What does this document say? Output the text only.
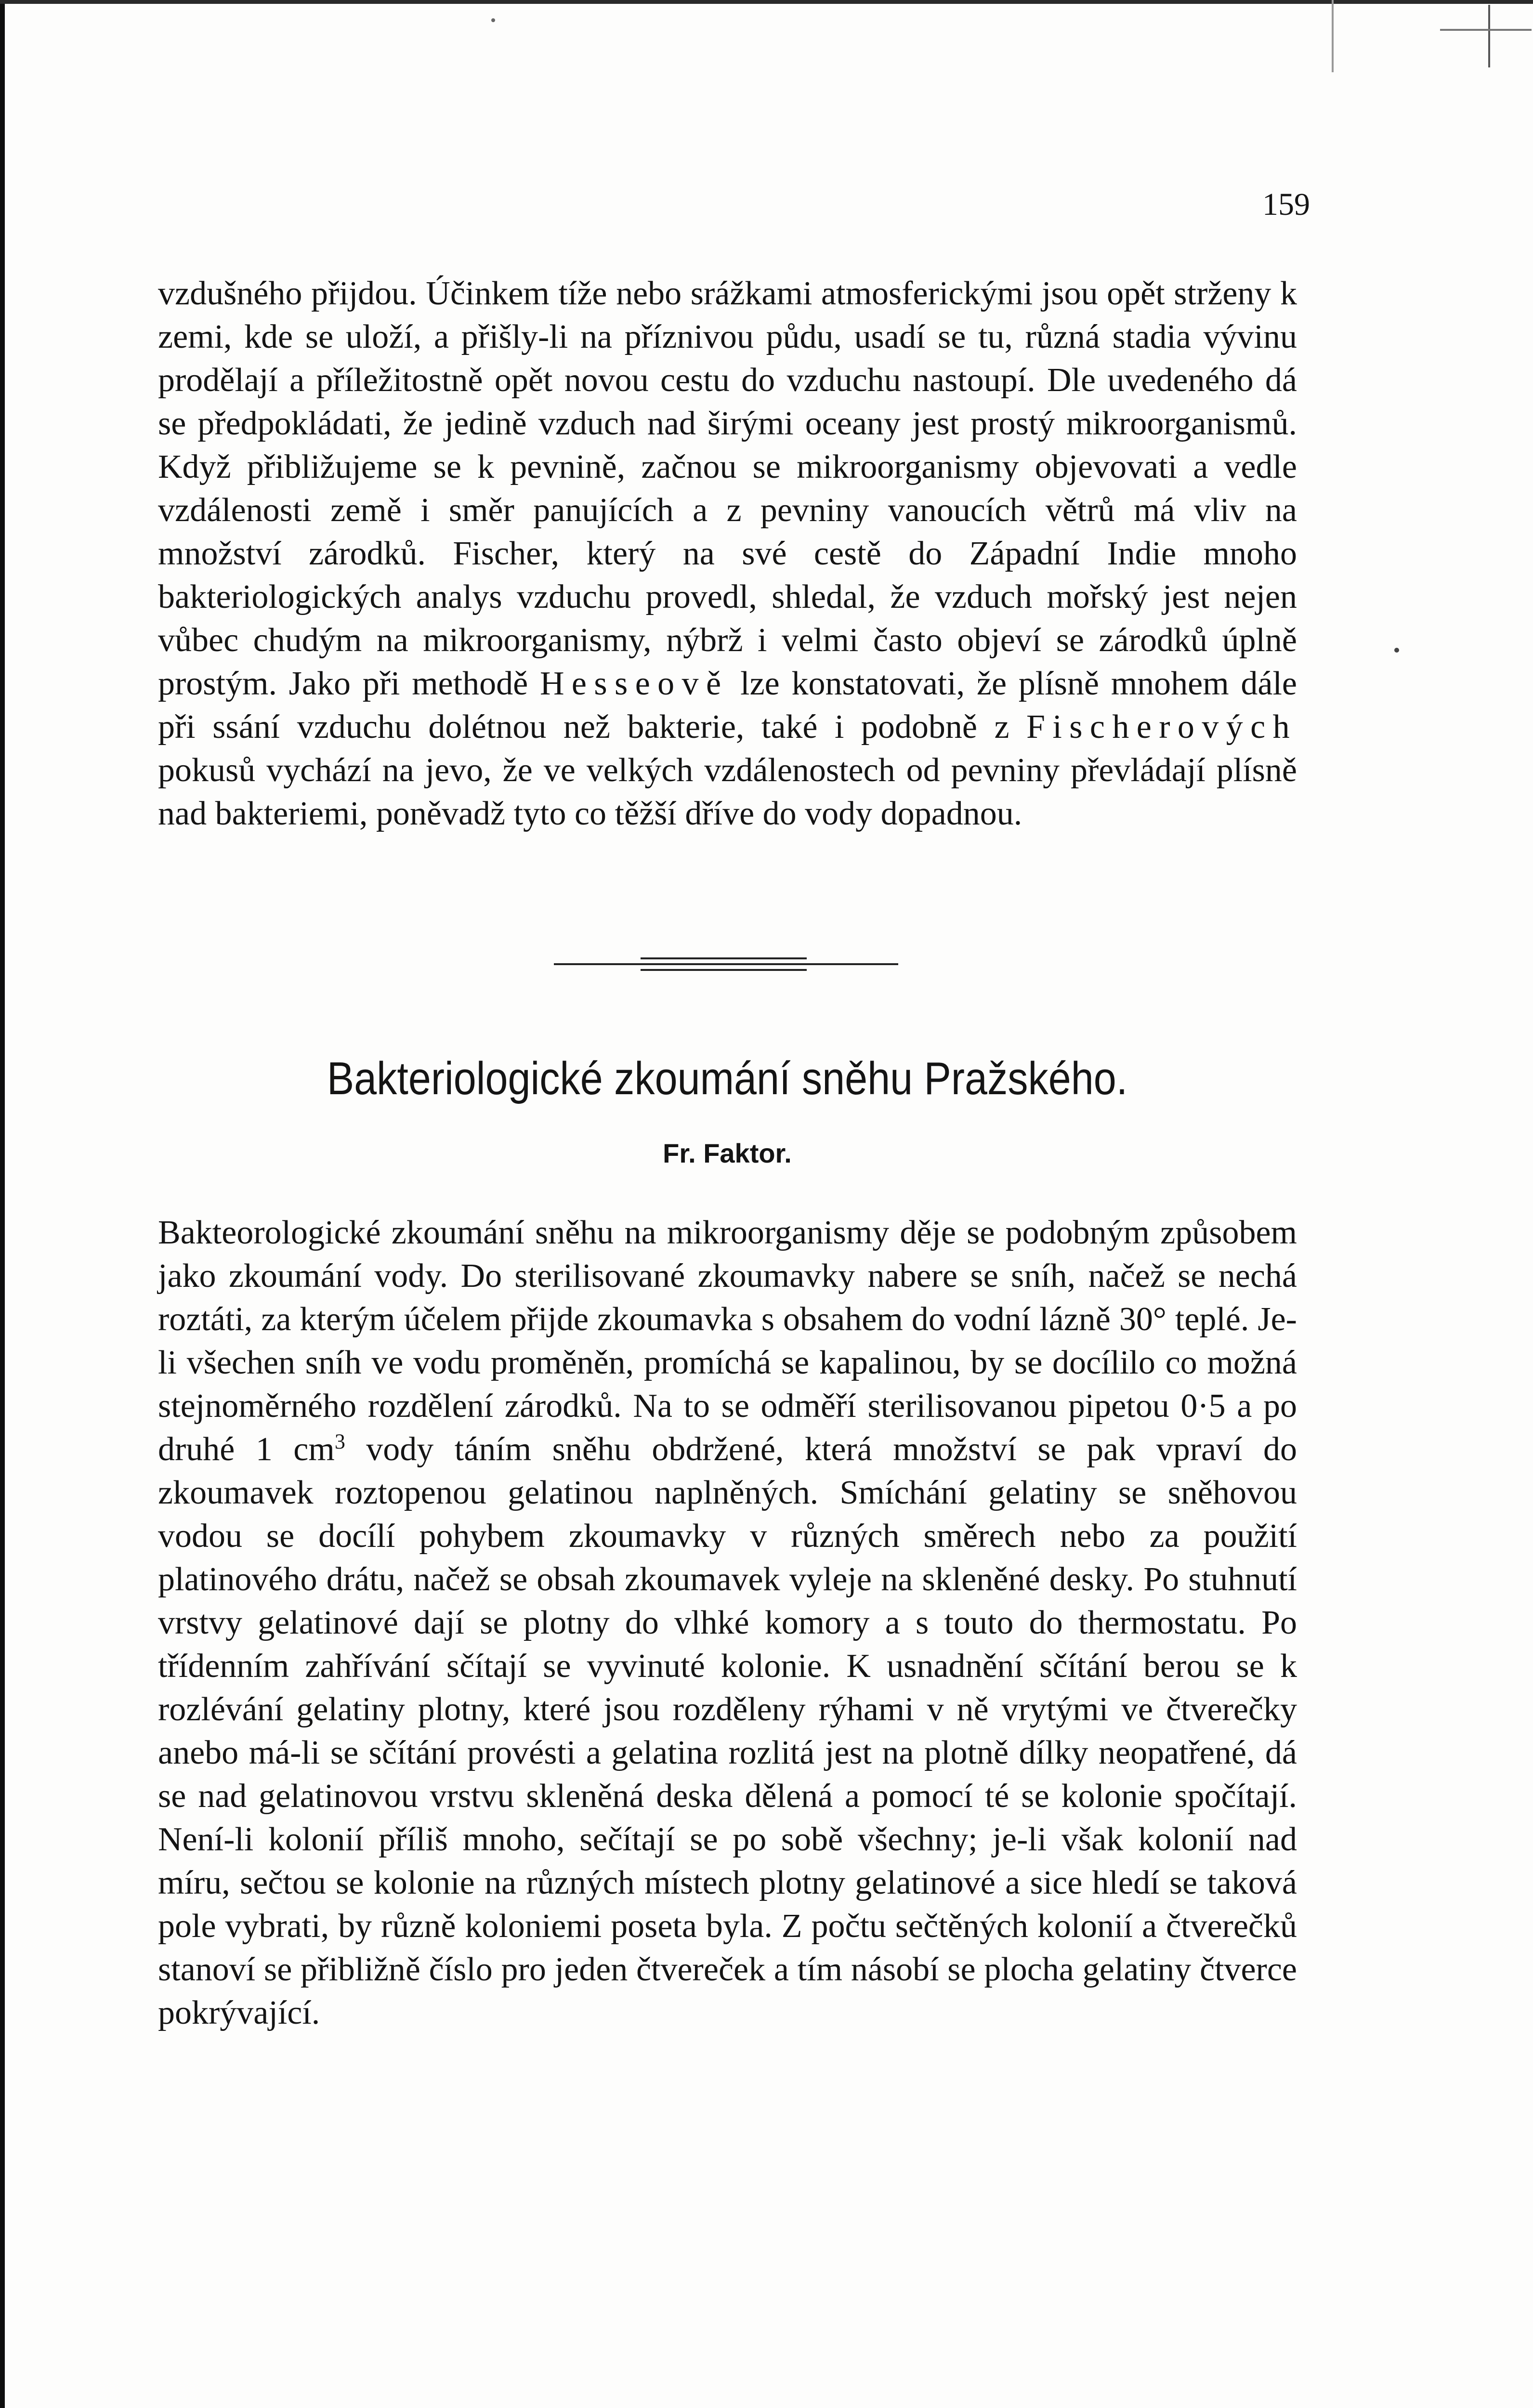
159

vzdušného přijdou. Účinkem tíže nebo srážkami atmosferickými jsou opět strženy k zemi, kde se uloží, a přišly-li na příznivou půdu, usadí se tu, různá stadia vývinu prodělají a příležitostně opět novou cestu do vzduchu nastoupí. Dle uvedeného dá se předpokládati, že jedině vzduch nad širými oceany jest prostý mikroorganismů. Když přibližujeme se k pevnině, začnou se mikroorganismy objevovati a vedle vzdálenosti země i směr panujících a z pevniny vanoucích větrů má vliv na množství zárodků. Fischer, který na své cestě do Západní Indie mnoho bakteriologických analys vzduchu provedl, shledal, že vzduch mořský jest nejen vůbec chudým na mikroorganismy, nýbrž i velmi často objeví se zárodků úplně prostým. Jako při methodě Hesseově lze konstatovati, že plísně mnohem dále při ssání vzduchu dolétnou než bakterie, také i podobně z Fischerových pokusů vychází na jevo, že ve velkých vzdálenostech od pevniny převládají plísně nad bakteriemi, poněvadž tyto co těžší dříve do vody dopadnou.

Bakteriologické zkoumání sněhu Pražského.
Fr. Faktor.

Bakteorologické zkoumání sněhu na mikroorganismy děje se podobným způsobem jako zkoumání vody. Do sterilisované zkoumavky nabere se sníh, načež se nechá roztáti, za kterým účelem přijde zkoumavka s obsahem do vodní lázně 30° teplé. Je-li všechen sníh ve vodu proměněn, promíchá se kapalinou, by se docílilo co možná stejnoměrného rozdělení zárodků. Na to se odměří sterilisovanou pipetou 0·5 a po druhé 1 $cm^3$ vody táním sněhu obdržené, která množství se pak vpraví do zkoumavek roztopenou gelatinou naplněných. Smíchání gelatiny se sněhovou vodou se docílí pohybem zkoumavky v různých směrech nebo za použití platinového drátu, načež se obsah zkoumavek vyleje na skleněné desky. Po stuhnutí vrstvy gelatinové dají se plotny do vlhké komory a s touto do thermostatu. Po třídenním zahřívání sčítají se vyvinuté kolonie. K usnadnění sčítání berou se k rozlévání gelatiny plotny, které jsou rozděleny rýhami v ně vrytými ve čtverečky anebo má-li se sčítání provésti a gelatina rozlitá jest na plotně dílky neopatřené, dá se nad gelatinovou vrstvu skleněná deska dělená a pomocí té se kolonie spočítají. Není-li kolonií příliš mnoho, sečítají se po sobě všechny; je-li však kolonií nad míru, sečtou se kolonie na různých místech plotny gelatinové a sice hledí se taková pole vybrati, by různě koloniemi poseta byla. Z počtu sečtěných kolonií a čtverečků stanoví se přibližně číslo pro jeden čtvereček a tím násobí se plocha gelatiny čtverce pokrývající.
